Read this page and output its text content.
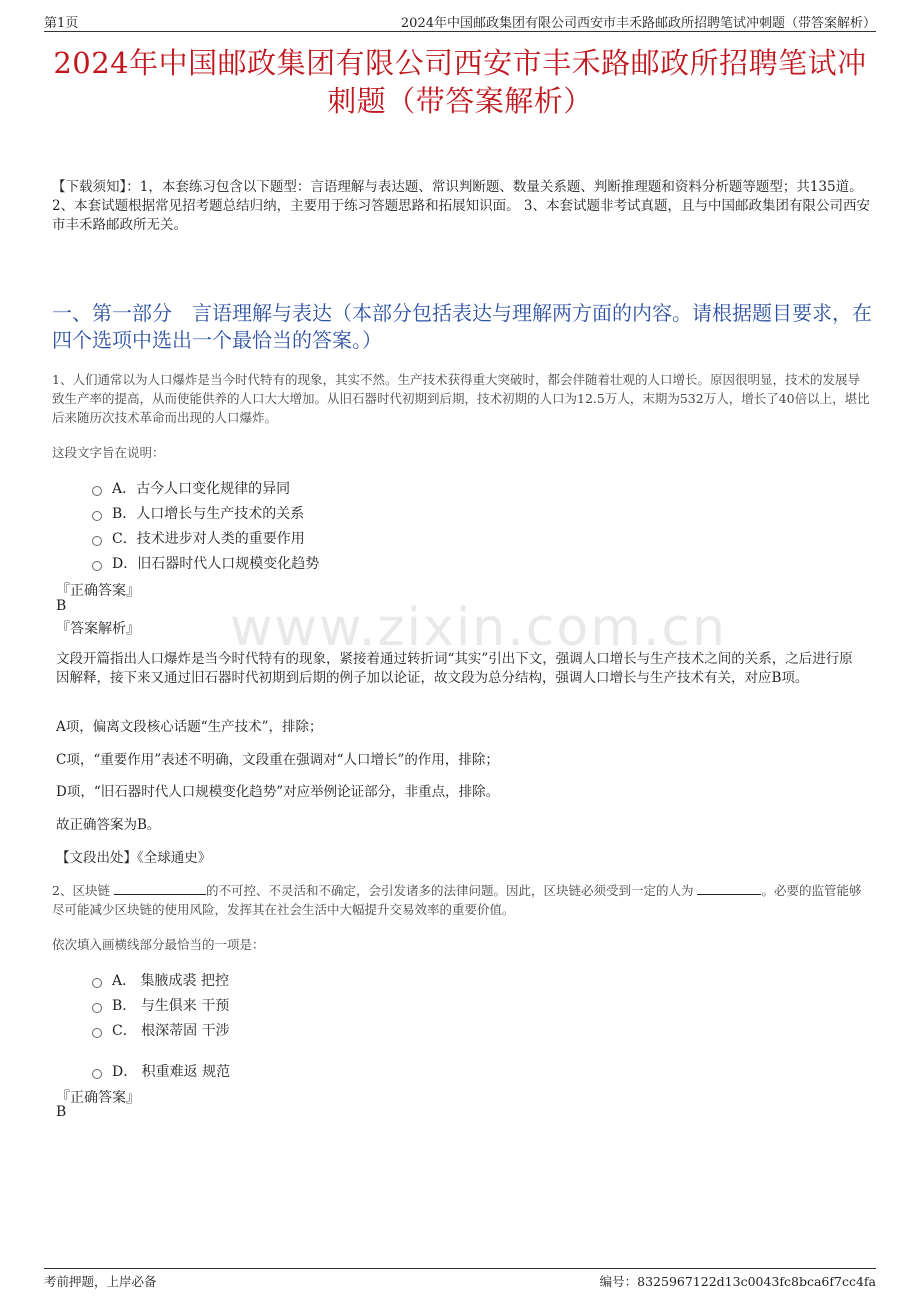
第1页	2024年中国邮政集团有限公司西安市丰禾路邮政所招聘笔试冲刺题（带答案解析）
www.zixin.com.cn
2024年中国邮政集团有限公司西安市丰禾路邮政所招聘笔试冲
刺题（带答案解析）
【下载须知】：1，本套练习包含以下题型：言语理解与表达题、常识判断题、数量关系题、判断推理题和资料分析题等题型；共135道。 2、本套试题根据常见招考题总结归纳，主要用于练习答题思路和拓展知识面。 3、本套试题非考试真题，且与中国邮政集团有限公司西安市丰禾路邮政所无关。
一、第一部分　言语理解与表达（本部分包括表达与理解两方面的内容。请根据题目要求，在四个选项中选出一个最恰当的答案。）
1、人们通常以为人口爆炸是当今时代特有的现象，其实不然。生产技术获得重大突破时，都会伴随着壮观的人口增长。原因很明显，技术的发展导致生产率的提高，从而使能供养的人口大大增加。从旧石器时代初期到后期，技术初期的人口为12.5万人，末期为532万人，增长了40倍以上，堪比后来随历次技术革命而出现的人口爆炸。
这段文字旨在说明：
A．古今人口变化规律的异同
B．人口增长与生产技术的关系
C．技术进步对人类的重要作用
D．旧石器时代人口规模变化趋势
『正确答案』
B
『答案解析』
文段开篇指出人口爆炸是当今时代特有的现象，紧接着通过转折词“其实”引出下文，强调人口增长与生产技术之间的关系，之后进行原因解释，接下来又通过旧石器时代初期到后期的例子加以论证，故文段为总分结构，强调人口增长与生产技术有关，对应B项。
A项，偏离文段核心话题“生产技术”，排除；
C项，“重要作用”表述不明确，文段重在强调对“人口增长”的作用，排除；
D项，“旧石器时代人口规模变化趋势”对应举例论证部分，非重点，排除。
故正确答案为B。
【文段出处】《全球通史》
2、区块链	的不可控、不灵活和不确定，会引发诸多的法律问题。因此，区块链必须受到一定的人为	。必要的监管能够尽可能减少区块链的使用风险，发挥其在社会生活中大幅提升交易效率的重要价值。
依次填入画横线部分最恰当的一项是：
A． 集腋成裘 把控
B． 与生俱来 干预
C． 根深蒂固 干涉
D． 积重难返 规范
『正确答案』
B
考前押题，上岸必备	编号：8325967122d13c0043fc8bca6f7cc4fa
